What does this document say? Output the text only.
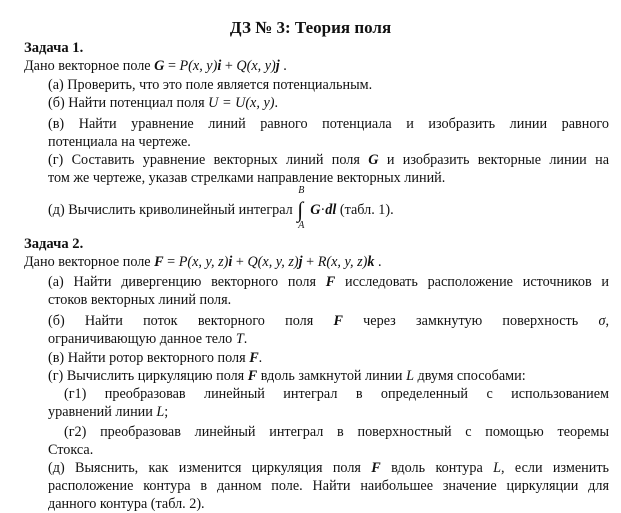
ДЗ № 3: Теория поля

Задача 1.

Дано векторное поле G = P(x, y)i + Q(x, y)j .

(а) Проверить, что это поле является потенциальным.

(б) Найти потенциал поля U = U(x, y).

(в) Найти уравнение линий равного потенциала и изобразить линии равного

потенциала на чертеже.

(г) Составить уравнение векторных линий поля G и изобразить векторные линии на

том же чертеже, указав стрелками направление векторных линий.

(д) Вычислить криволинейный интеграл
B
∫
A
G·dl (табл. 1).

Задача 2.

Дано векторное поле F = P(x, y, z)i + Q(x, y, z)j + R(x, y, z)k .

(а) Найти дивергенцию векторного поля F исследовать расположение источников и

стоков векторных линий поля.

(б) Найти поток векторного поля F через замкнутую поверхность σ,

ограничивающую данное тело T.

(в) Найти ротор векторного поля F.

(г) Вычислить циркуляцию поля F вдоль замкнутой линии L двумя способами:

(г1) преобразовав линейный интеграл в определенный с использованием

уравнений линии L;

(г2) преобразовав линейный интеграл в поверхностный с помощью теоремы

Стокса.

(д) Выяснить, как изменится циркуляция поля F вдоль контура L, если изменить

расположение контура в данном поле. Найти наибольшее значение циркуляции для

данного контура (табл. 2).
